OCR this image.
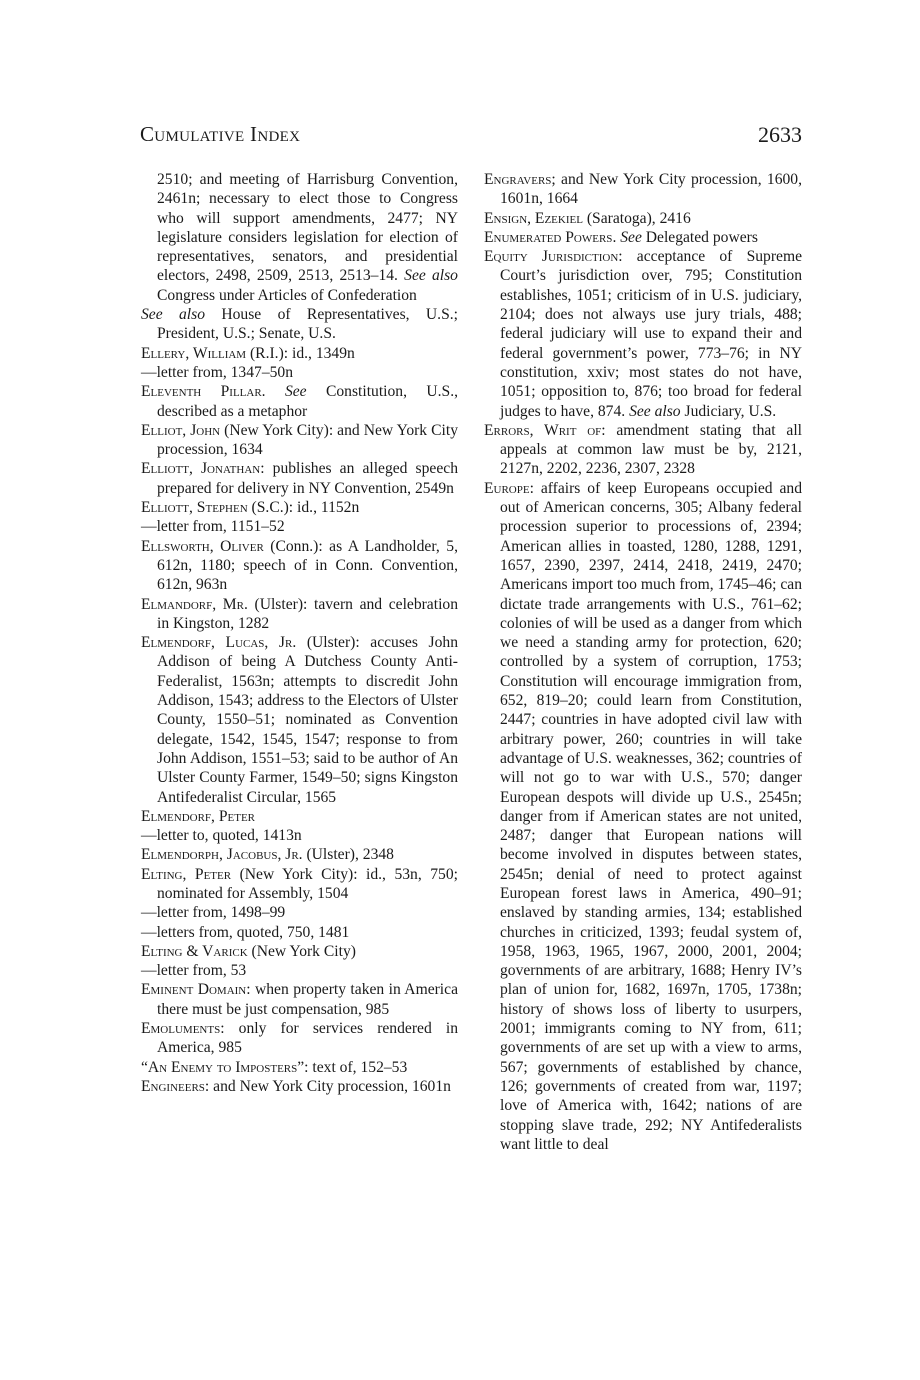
Cumulative Index	2633

2510; and meeting of Harrisburg Convention, 2461n; necessary to elect those to Congress who will support amendments, 2477; NY legislature considers legislation for election of representatives, senators, and presidential electors, 2498, 2509, 2513, 2513–14. See also Congress under Articles of Confederation

See also House of Representatives, U.S.; President, U.S.; Senate, U.S.

Ellery, William (R.I.): id., 1349n

—letter from, 1347–50n

Eleventh Pillar. See Constitution, U.S., described as a metaphor

Elliot, John (New York City): and New York City procession, 1634

Elliott, Jonathan: publishes an alleged speech prepared for delivery in NY Convention, 2549n

Elliott, Stephen (S.C.): id., 1152n

—letter from, 1151–52

Ellsworth, Oliver (Conn.): as A Landholder, 5, 612n, 1180; speech of in Conn. Convention, 612n, 963n

Elmandorf, Mr. (Ulster): tavern and celebration in Kingston, 1282

Elmendorf, Lucas, Jr. (Ulster): accuses John Addison of being A Dutchess County Anti-Federalist, 1563n; attempts to discredit John Addison, 1543; address to the Electors of Ulster County, 1550–51; nominated as Convention delegate, 1542, 1545, 1547; response to from John Addison, 1551–53; said to be author of An Ulster County Farmer, 1549–50; signs Kingston Antifederalist Circular, 1565

Elmendorf, Peter

—letter to, quoted, 1413n

Elmendorph, Jacobus, Jr. (Ulster), 2348

Elting, Peter (New York City): id., 53n, 750; nominated for Assembly, 1504

—letter from, 1498–99

—letters from, quoted, 750, 1481

Elting & Varick (New York City)

—letter from, 53

Eminent Domain: when property taken in America there must be just compensation, 985

Emoluments: only for services rendered in America, 985

“An Enemy to Imposters”: text of, 152–53

Engineers: and New York City procession, 1601n

Engravers; and New York City procession, 1600, 1601n, 1664

Ensign, Ezekiel (Saratoga), 2416

Enumerated Powers. See Delegated powers

Equity Jurisdiction: acceptance of Supreme Court’s jurisdiction over, 795; Constitution establishes, 1051; criticism of in U.S. judiciary, 2104; does not always use jury trials, 488; federal judiciary will use to expand their and federal government’s power, 773–76; in NY constitution, xxiv; most states do not have, 1051; opposition to, 876; too broad for federal judges to have, 874. See also Judiciary, U.S.

Errors, Writ of: amendment stating that all appeals at common law must be by, 2121, 2127n, 2202, 2236, 2307, 2328

Europe: affairs of keep Europeans occupied and out of American concerns, 305; Albany federal procession superior to processions of, 2394; American allies in toasted, 1280, 1288, 1291, 1657, 2390, 2397, 2414, 2418, 2419, 2470; Americans import too much from, 1745–46; can dictate trade arrangements with U.S., 761–62; colonies of will be used as a danger from which we need a standing army for protection, 620; controlled by a system of corruption, 1753; Constitution will encourage immigration from, 652, 819–20; could learn from Constitution, 2447; countries in have adopted civil law with arbitrary power, 260; countries in will take advantage of U.S. weaknesses, 362; countries of will not go to war with U.S., 570; danger European despots will divide up U.S., 2545n; danger from if American states are not united, 2487; danger that European nations will become involved in disputes between states, 2545n; denial of need to protect against European forest laws in America, 490–91; enslaved by standing armies, 134; established churches in criticized, 1393; feudal system of, 1958, 1963, 1965, 1967, 2000, 2001, 2004; governments of are arbitrary, 1688; Henry IV’s plan of union for, 1682, 1697n, 1705, 1738n; history of shows loss of liberty to usurpers, 2001; immigrants coming to NY from, 611; governments of are set up with a view to arms, 567; governments of established by chance, 126; governments of created from war, 1197; love of America with, 1642; nations of are stopping slave trade, 292; NY Antifederalists want little to deal
